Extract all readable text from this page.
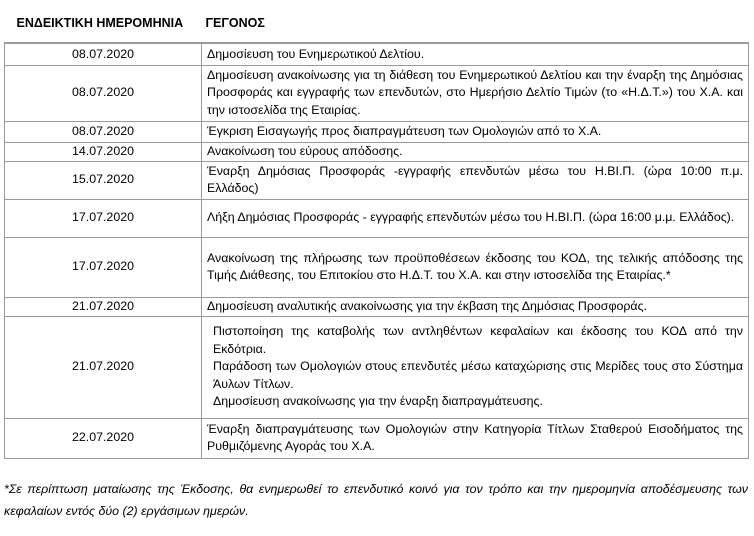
ΕΝΔΕΙΚΤΙΚΗ ΗΜΕΡΟΜΗΝΙΑ	ΓΕΓΟΝΟΣ
08.07.2020	Δημοσίευση του Ενημερωτικού Δελτίου.
08.07.2020	Δημοσίευση ανακοίνωσης για τη διάθεση του Ενημερωτικού Δελτίου και την έναρξη της Δημόσιας Προσφοράς και εγγραφής των επενδυτών, στο Ημερήσιο Δελτίο Τιμών (το «Η.Δ.Τ.») του Χ.Α. και την ιστοσελίδα της Εταιρίας.
08.07.2020	Έγκριση Εισαγωγής προς διαπραγμάτευση των Ομολογιών από το Χ.Α.
14.07.2020	Ανακοίνωση του εύρους απόδοσης.
15.07.2020	Έναρξη Δημόσιας Προσφοράς -εγγραφής επενδυτών μέσω του Η.ΒΙ.Π. (ώρα 10:00 π.μ. Ελλάδος)
17.07.2020	Λήξη Δημόσιας Προσφοράς - εγγραφής επενδυτών μέσω του Η.ΒΙ.Π. (ώρα 16:00 μ.μ. Ελλάδος).
17.07.2020	Ανακοίνωση της πλήρωσης των προϋποθέσεων έκδοσης του ΚΟΔ, της τελικής απόδοσης της Τιμής Διάθεσης, του Επιτοκίου στο Η.Δ.Τ. του Χ.Α. και στην ιστοσελίδα της Εταιρίας.*
21.07.2020	Δημοσίευση αναλυτικής ανακοίνωσης για την έκβαση της Δημόσιας Προσφοράς.
21.07.2020	Πιστοποίηση της καταβολής των αντληθέντων κεφαλαίων και έκδοσης του ΚΟΔ από την Εκδότρια.
Παράδοση των Ομολογιών στους επενδυτές μέσω καταχώρισης στις Μερίδες τους στο Σύστημα Άυλων Τίτλων.
Δημοσίευση ανακοίνωσης για την έναρξη διαπραγμάτευσης.

22.07.2020	Έναρξη διαπραγμάτευσης των Ομολογιών στην Κατηγορία Τίτλων Σταθερού Εισοδήματος της Ρυθμιζόμενης Αγοράς του Χ.Α.
*Σε περίπτωση ματαίωσης της Έκδοσης, θα ενημερωθεί το επενδυτικό κοινό για τον τρόπο και την ημερομηνία αποδέσμευσης των κεφαλαίων εντός δύο (2) εργάσιμων ημερών.
